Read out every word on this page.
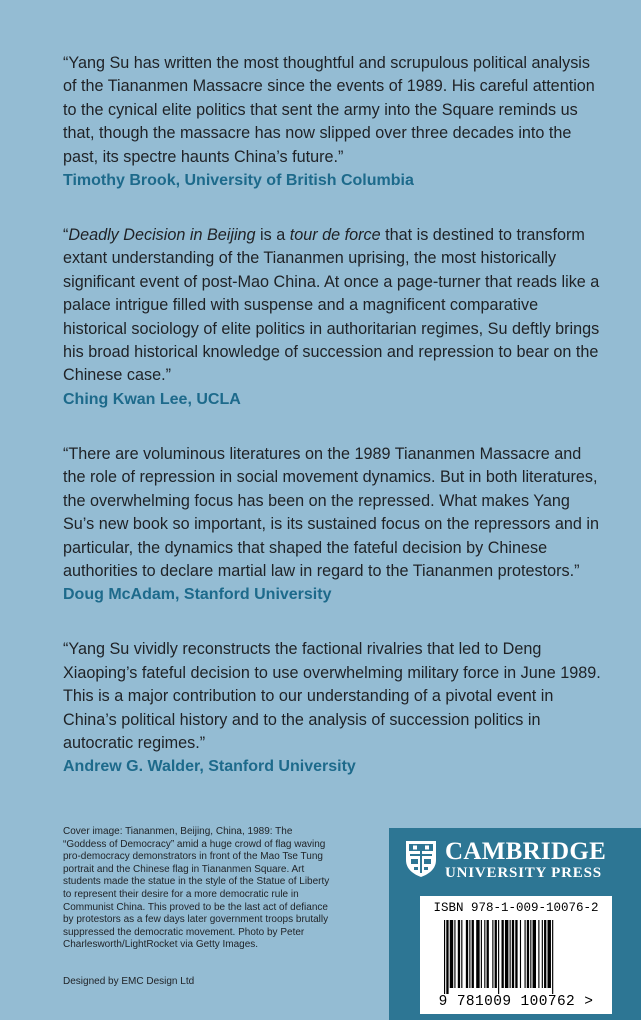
“Yang Su has written the most thoughtful and scrupulous political analysis of the Tiananmen Massacre since the events of 1989. His careful attention to the cynical elite politics that sent the army into the Square reminds us that, though the massacre has now slipped over three decades into the past, its spectre haunts China’s future.”

Timothy Brook, University of British Columbia

“Deadly Decision in Beijing is a tour de force that is destined to transform extant understanding of the Tiananmen uprising, the most historically significant event of post-Mao China. At once a page-turner that reads like a palace intrigue filled with suspense and a magnificent comparative historical sociology of elite politics in authoritarian regimes, Su deftly brings his broad historical knowledge of succession and repression to bear on the Chinese case.”

Ching Kwan Lee, UCLA

“There are voluminous literatures on the 1989 Tiananmen Massacre and the role of repression in social movement dynamics. But in both literatures, the overwhelming focus has been on the repressed. What makes Yang Su’s new book so important, is its sustained focus on the repressors and in particular, the dynamics that shaped the fateful decision by Chinese authorities to declare martial law in regard to the Tiananmen protestors.”

Doug McAdam, Stanford University

“Yang Su vividly reconstructs the factional rivalries that led to Deng Xiaoping’s fateful decision to use overwhelming military force in June 1989. This is a major contribution to our understanding of a pivotal event in China’s political history and to the analysis of succession politics in autocratic regimes.”

Andrew G. Walder, Stanford University
Cover image: Tiananmen, Beijing, China, 1989: The “Goddess of Democracy” amid a huge crowd of flag waving pro-democracy demonstrators in front of the Mao Tse Tung portrait and the Chinese flag in Tiananmen Square. Art students made the statue in the style of the Statue of Liberty to represent their desire for a more democratic rule in Communist China. This proved to be the last act of defiance by protestors as a few days later government troops brutally suppressed the democratic movement. Photo by Peter Charlesworth/LightRocket via Getty Images.
Designed by EMC Design Ltd
CAMBRIDGE
UNIVERSITY PRESS
ISBN 978-1-009-10076-2
9 781009 100762 >
